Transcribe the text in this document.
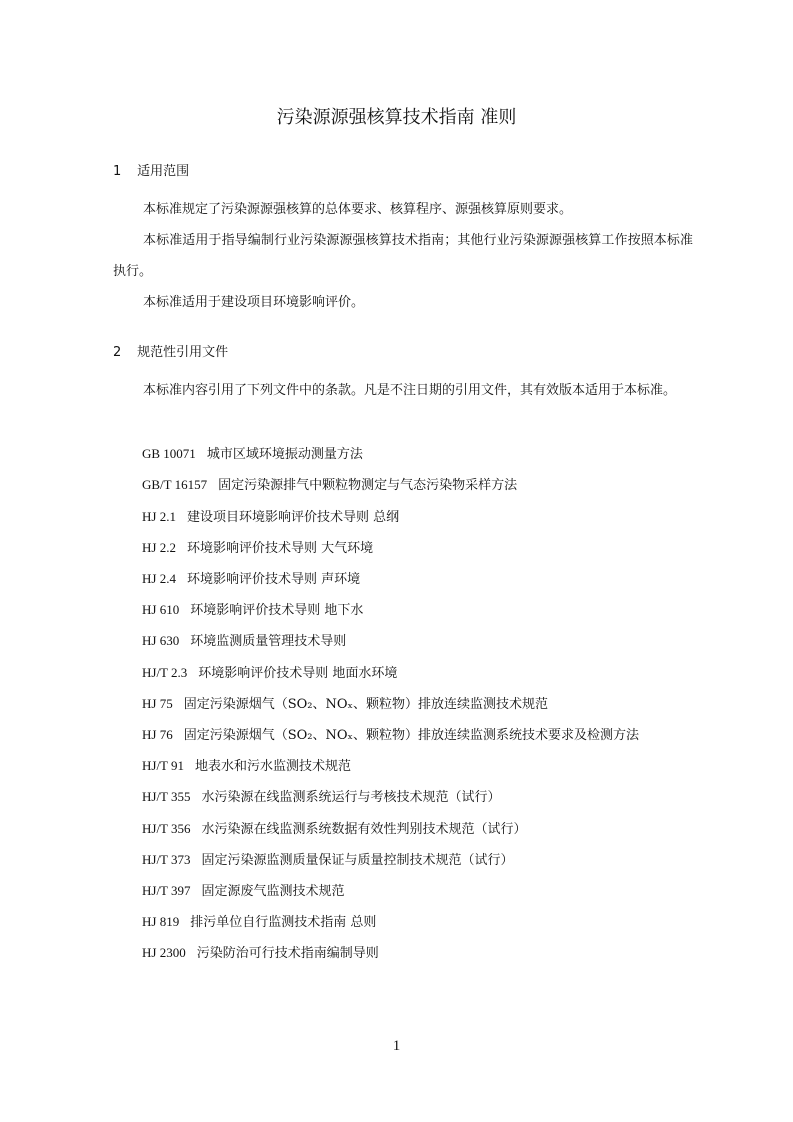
污染源源强核算技术指南 准则
1 适用范围
本标准规定了污染源源强核算的总体要求、核算程序、源强核算原则要求。
本标准适用于指导编制行业污染源源强核算技术指南；其他行业污染源源强核算工作按照本标准执行。
本标准适用于建设项目环境影响评价。
2 规范性引用文件
本标准内容引用了下列文件中的条款。凡是不注日期的引用文件，其有效版本适用于本标准。
GB 10071 城市区域环境振动测量方法
GB/T 16157 固定污染源排气中颗粒物测定与气态污染物采样方法
HJ 2.1 建设项目环境影响评价技术导则 总纲
HJ 2.2 环境影响评价技术导则 大气环境
HJ 2.4 环境影响评价技术导则 声环境
HJ 610 环境影响评价技术导则 地下水
HJ 630 环境监测质量管理技术导则
HJ/T 2.3 环境影响评价技术导则 地面水环境
HJ 75 固定污染源烟气（SO₂、NOₓ、颗粒物）排放连续监测技术规范
HJ 76 固定污染源烟气（SO₂、NOₓ、颗粒物）排放连续监测系统技术要求及检测方法
HJ/T 91 地表水和污水监测技术规范
HJ/T 355 水污染源在线监测系统运行与考核技术规范（试行）
HJ/T 356 水污染源在线监测系统数据有效性判别技术规范（试行）
HJ/T 373 固定污染源监测质量保证与质量控制技术规范（试行）
HJ/T 397 固定源废气监测技术规范
HJ 819 排污单位自行监测技术指南 总则
HJ 2300 污染防治可行技术指南编制导则
1
